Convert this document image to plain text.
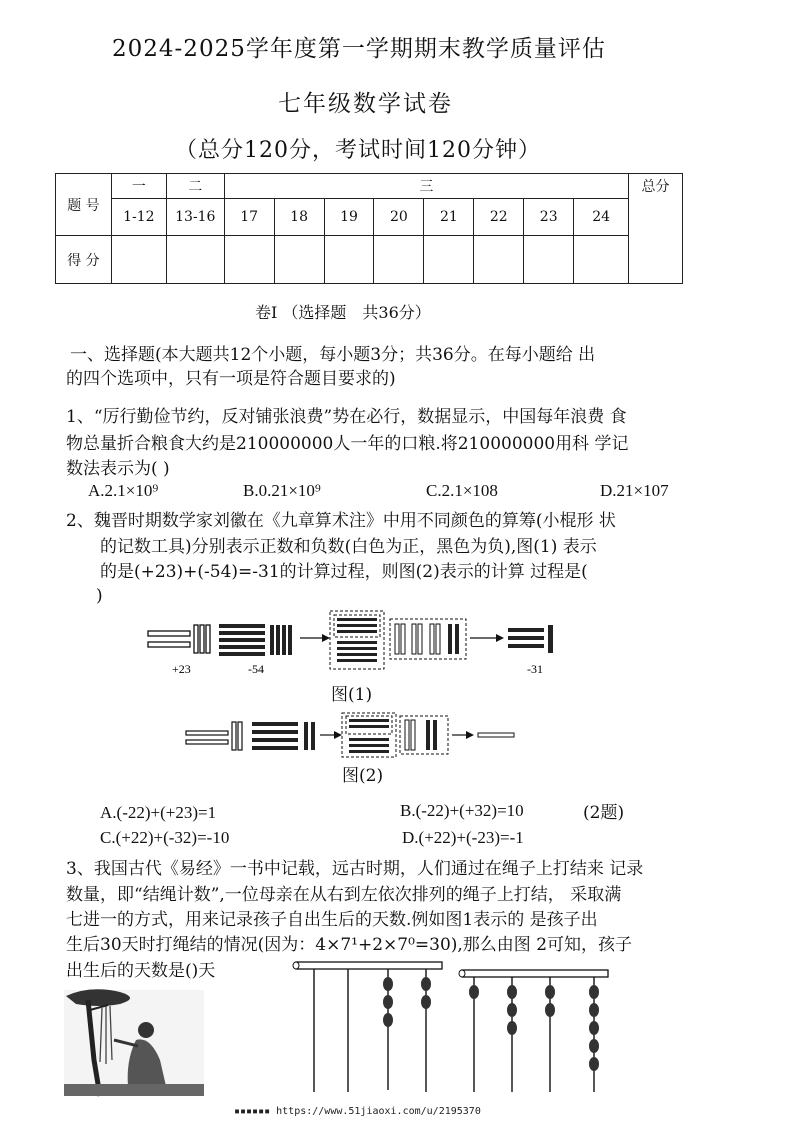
2024-2025学年度第一学期期末教学质量评估
七年级数学试卷
（总分120分，考试时间120分钟）
题 号	一	二	三								总分
	1-12	13-16	17	18	19	20	21	22	23	24	
得 分											
卷Ⅰ （选择题　共36分）
一、选择题(本大题共12个小题，每小题3分；共36分。在每小题给 出
的四个选项中，只有一项是符合题目要求的)
1、“厉行勤俭节约，反对铺张浪费”势在必行，数据显示，中国每年浪费 食
物总量折合粮食大约是210000000人一年的口粮.将210000000用科 学记
数法表示为( )
A.2.1×10⁹	B.0.21×10⁹	C.2.1×108	D.21×107
2、魏晋时期数学家刘徽在《九章算术注》中用不同颜色的算筹(小棍形 状
的记数工具)分别表示正数和负数(白色为正，黑色为负),图(1) 表示
的是(+23)+(-54)=-31的计算过程，则图(2)表示的计算 过程是(
)
+23	-54	-31
图(1)
图(2)
(2题)
A.(-22)+(+23)=1	B.(-22)+(+32)=10
C.(+22)+(-32)=-10	D.(+22)+(-23)=-1
3、我国古代《易经》一书中记载，远古时期，人们通过在绳子上打结来 记录
数量，即“结绳计数”,一位母亲在从右到左依次排列的绳子上打结， 采取满
七进一的方式，用来记录孩子自出生后的天数.例如图1表示的 是孩子出
生后30天时打绳结的情况(因为：4×7¹+2×7⁰=30),那么由图 2可知，孩子
出生后的天数是()天
▪▪▪▪▪▪ https://www.51jiaoxi.com/u/2195370
